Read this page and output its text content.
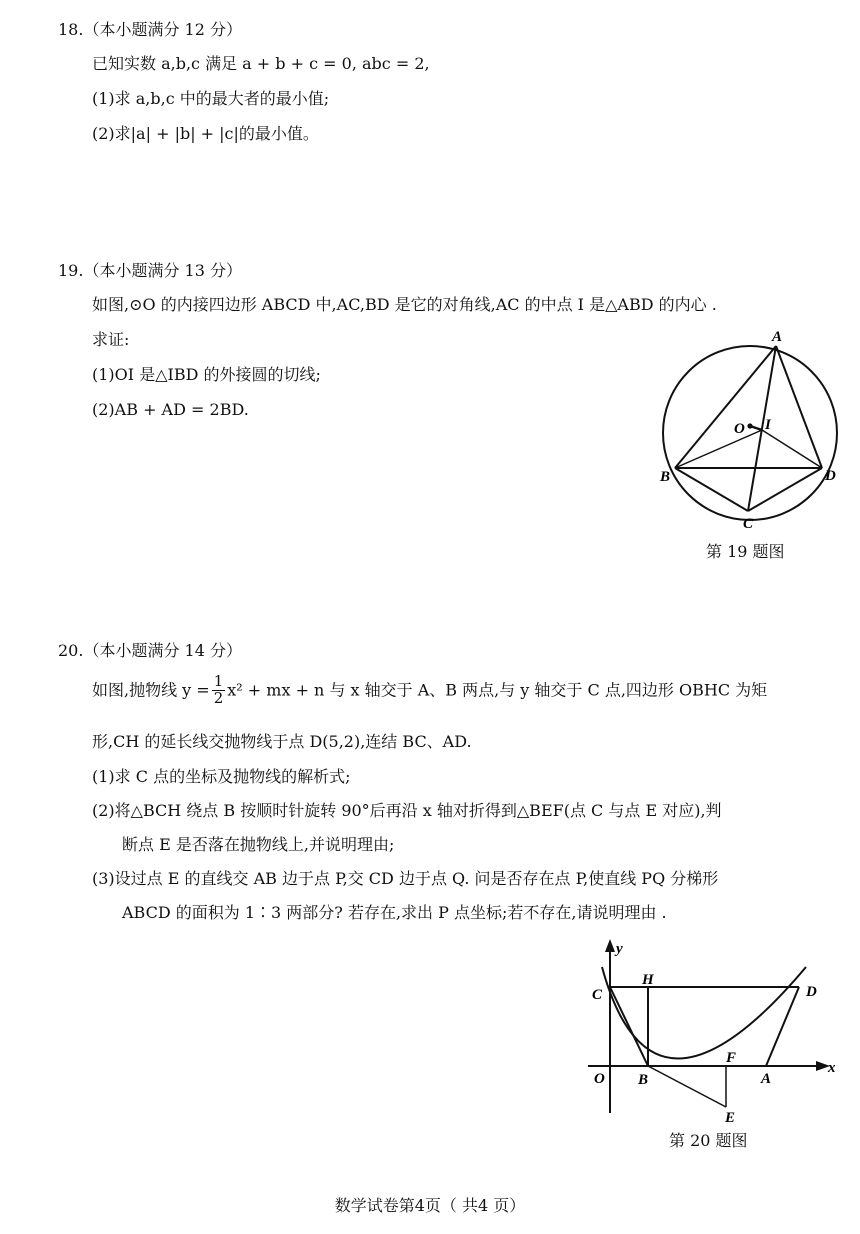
18.（本小题满分 12 分）
已知实数 a,b,c 满足 a + b + c = 0, abc = 2,
(1)求 a,b,c 中的最大者的最小值;
(2)求|a| + |b| + |c|的最小值。
19.（本小题满分 13 分）
如图,⊙O 的内接四边形 ABCD 中,AC,BD 是它的对角线,AC 的中点 I 是△ABD 的内心 .
求证:
(1)OI 是△IBD 的外接圆的切线;
(2)AB + AD = 2BD.
A
B
C
D
O I
第 19 题图
20.（本小题满分 14 分）
如图,抛物线 $y = \frac{1}{2} x^2$ + mx + n 与 x 轴交于 A、B 两点,与 y 轴交于 C 点,四边形 OBHC 为矩
形,CH 的延长线交抛物线于点 D(5,2),连结 BC、AD.
(1)求 C 点的坐标及抛物线的解析式;
(2)将△BCH 绕点 B 按顺时针旋转 90°后再沿 x 轴对折得到△BEF(点 C 与点 E 对应),判
断点 E 是否落在抛物线上,并说明理由;
(3)设过点 E 的直线交 AB 边于点 P,交 CD 边于点 Q. 问是否存在点 P,使直线 PQ 分梯形
ABCD 的面积为 1∶3 两部分? 若存在,求出 P 点坐标;若不存在,请说明理由 .
y
x
C
H
D
O B
F
A
E
第 20 题图
数学试卷第4页（ 共4 页）
